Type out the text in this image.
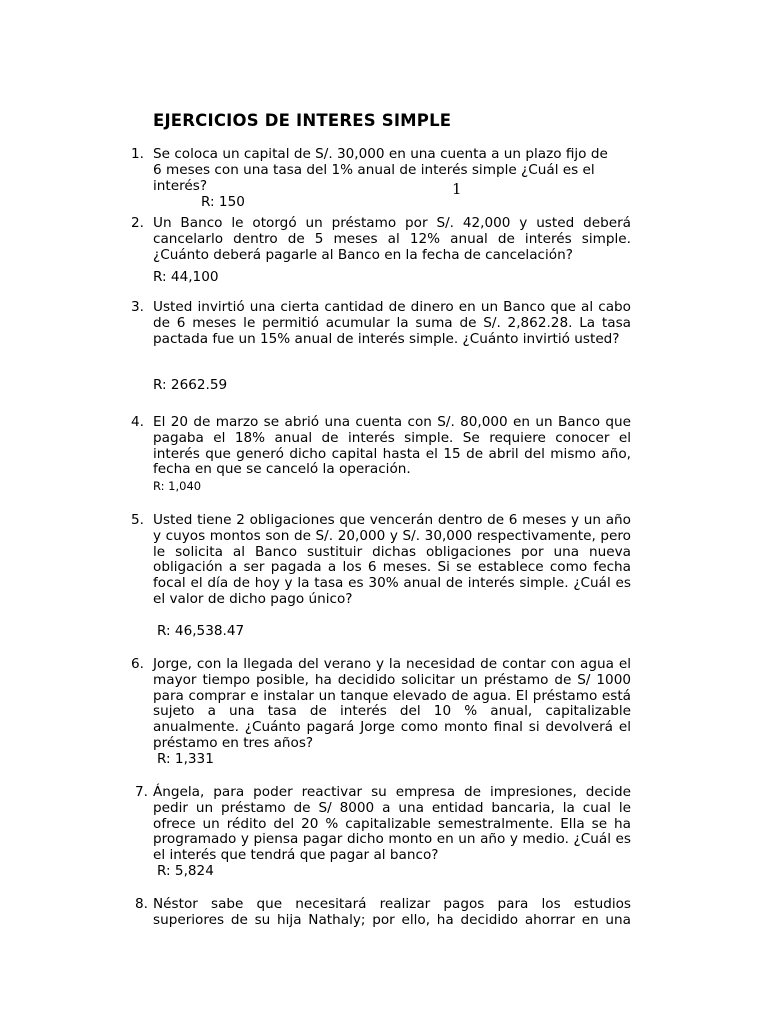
EJERCICIOS DE INTERES SIMPLE
1
1. Se coloca un capital de S/. 30,000 en una cuenta a un plazo fijo de 6 meses con una tasa del 1% anual de interés simple ¿Cuál es el interés?
R: 150
2. Un Banco le otorgó un préstamo por S/. 42,000 y usted deberá cancelarlo dentro de 5 meses al 12% anual de interés simple. ¿Cuánto deberá pagarle al Banco en la fecha de cancelación?
R: 44,100
3. Usted invirtió una cierta cantidad de dinero en un Banco que al cabo de 6 meses le permitió acumular la suma de S/. 2,862.28. La tasa pactada fue un 15% anual de interés simple. ¿Cuánto invirtió usted?
R: 2662.59
4. El 20 de marzo se abrió una cuenta con S/. 80,000 en un Banco que pagaba el 18% anual de interés simple. Se requiere conocer el interés que generó dicho capital hasta el 15 de abril del mismo año, fecha en que se canceló la operación.
R: 1,040
5. Usted tiene 2 obligaciones que vencerán dentro de 6 meses y un año y cuyos montos son de S/. 20,000 y S/. 30,000 respectivamente, pero le solicita al Banco sustituir dichas obligaciones por una nueva obligación a ser pagada a los 6 meses. Si se establece como fecha focal el día de hoy y la tasa es 30% anual de interés simple. ¿Cuál es el valor de dicho pago único?
R: 46,538.47
6. Jorge, con la llegada del verano y la necesidad de contar con agua el mayor tiempo posible, ha decidido solicitar un préstamo de S/ 1000 para comprar e instalar un tanque elevado de agua. El préstamo está sujeto a una tasa de interés del 10 % anual, capitalizable anualmente. ¿Cuánto pagará Jorge como monto final si devolverá el préstamo en tres años?
R: 1,331
7. Ángela, para poder reactivar su empresa de impresiones, decide pedir un préstamo de S/ 8000 a una entidad bancaria, la cual le ofrece un rédito del 20 % capitalizable semestralmente. Ella se ha programado y piensa pagar dicho monto en un año y medio. ¿Cuál es el interés que tendrá que pagar al banco?
R: 5,824
8. Néstor sabe que necesitará realizar pagos para los estudios superiores de su hija Nathaly; por ello, ha decidido ahorrar en una
